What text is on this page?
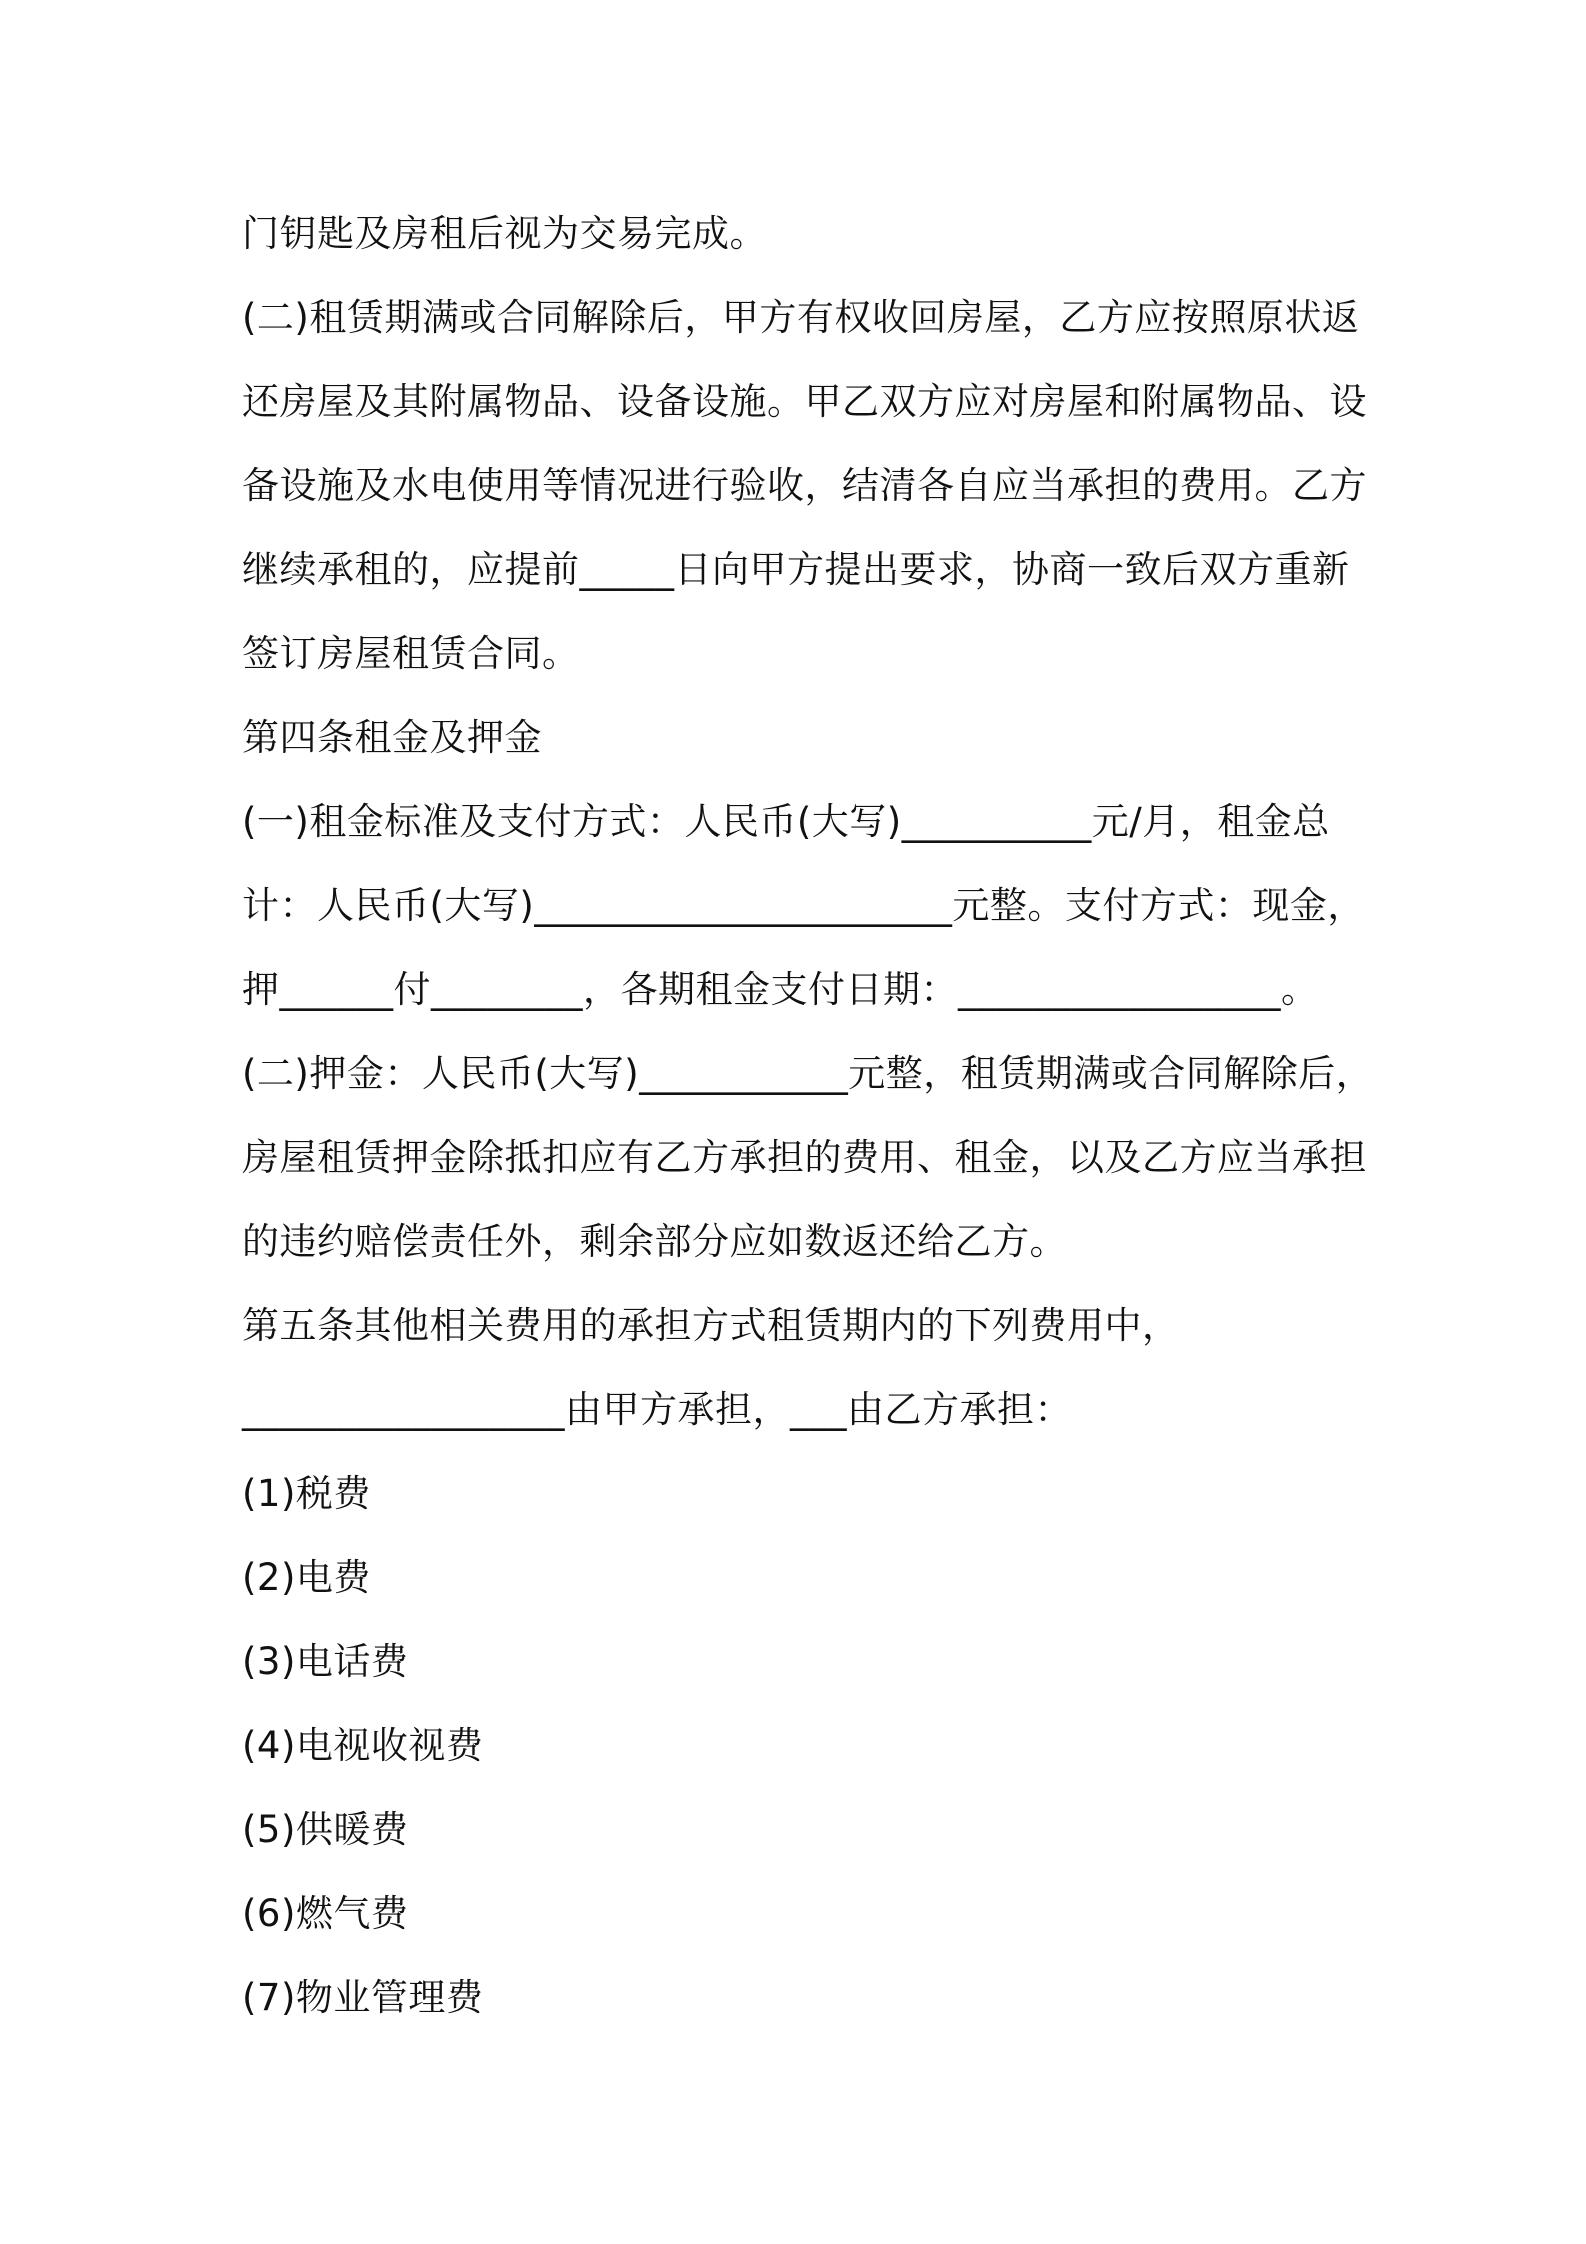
门钥匙及房租后视为交易完成。

(二)租赁期满或合同解除后，甲方有权收回房屋，乙方应按照原状返

还房屋及其附属物品、设备设施。甲乙双方应对房屋和附属物品、设

备设施及水电使用等情况进行验收，结清各自应当承担的费用。乙方

继续承租的，应提前_____日向甲方提出要求，协商一致后双方重新

签订房屋租赁合同。

第四条租金及押金

(一)租金标准及支付方式：人民币(大写)__________元/月，租金总

计：人民币(大写)______________________元整。支付方式：现金，

押______付________，各期租金支付日期：_________________。

(二)押金：人民币(大写)___________元整，租赁期满或合同解除后，

房屋租赁押金除抵扣应有乙方承担的费用、租金，以及乙方应当承担

的违约赔偿责任外，剩余部分应如数返还给乙方。

第五条其他相关费用的承担方式租赁期内的下列费用中，

_________________由甲方承担，___由乙方承担：

(1)税费

(2)电费

(3)电话费

(4)电视收视费

(5)供暖费

(6)燃气费

(7)物业管理费
